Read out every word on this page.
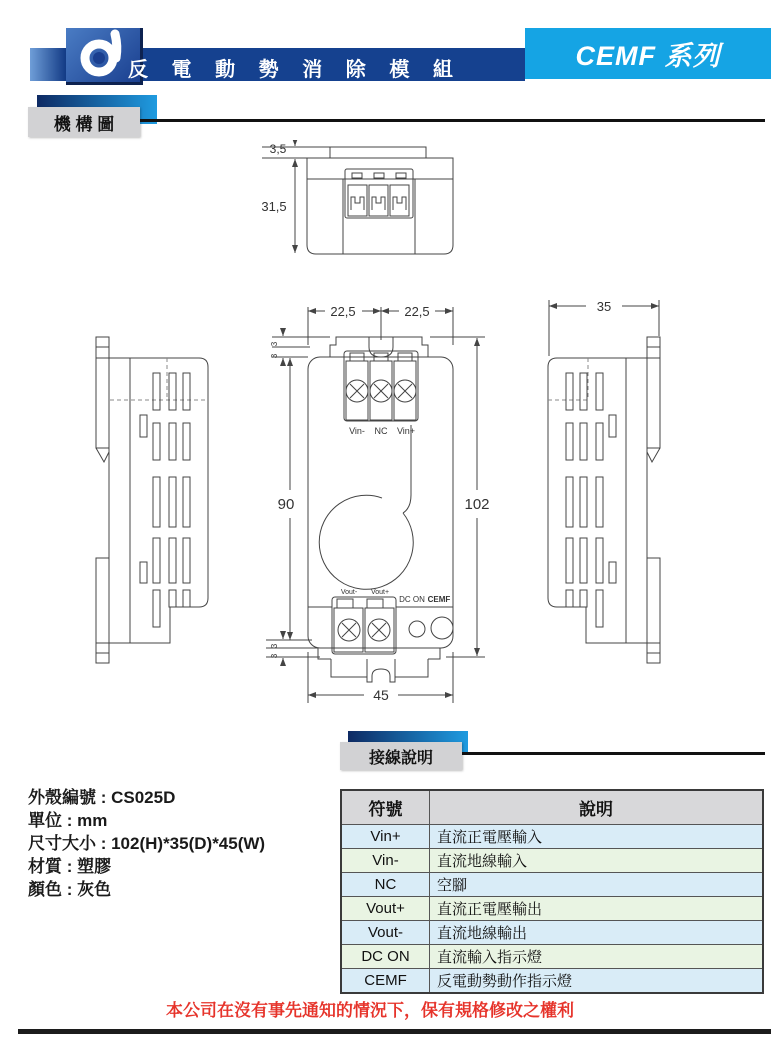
反 電 動 勢 消 除 模 組	CEMF 系列
機 構 圖
3,5
31,5
22,5	22,5
Vin- NC Vin+
Vout- Vout+
DC ON CEMF
90	102
3
3
3
3
45
35
接線說明
外殼編號 : CS025D
單位 : mm
尺寸大小 : 102(H)*35(D)*45(W)
材質 : 塑膠
顏色 : 灰色
符號	說明
Vin+	直流正電壓輸入
Vin-	直流地線輸入
NC	空腳
Vout+	直流正電壓輸出
Vout-	直流地線輸出
DC ON	直流輸入指示燈
CEMF	反電動勢動作指示燈
本公司在沒有事先通知的情況下，保有規格修改之權利
